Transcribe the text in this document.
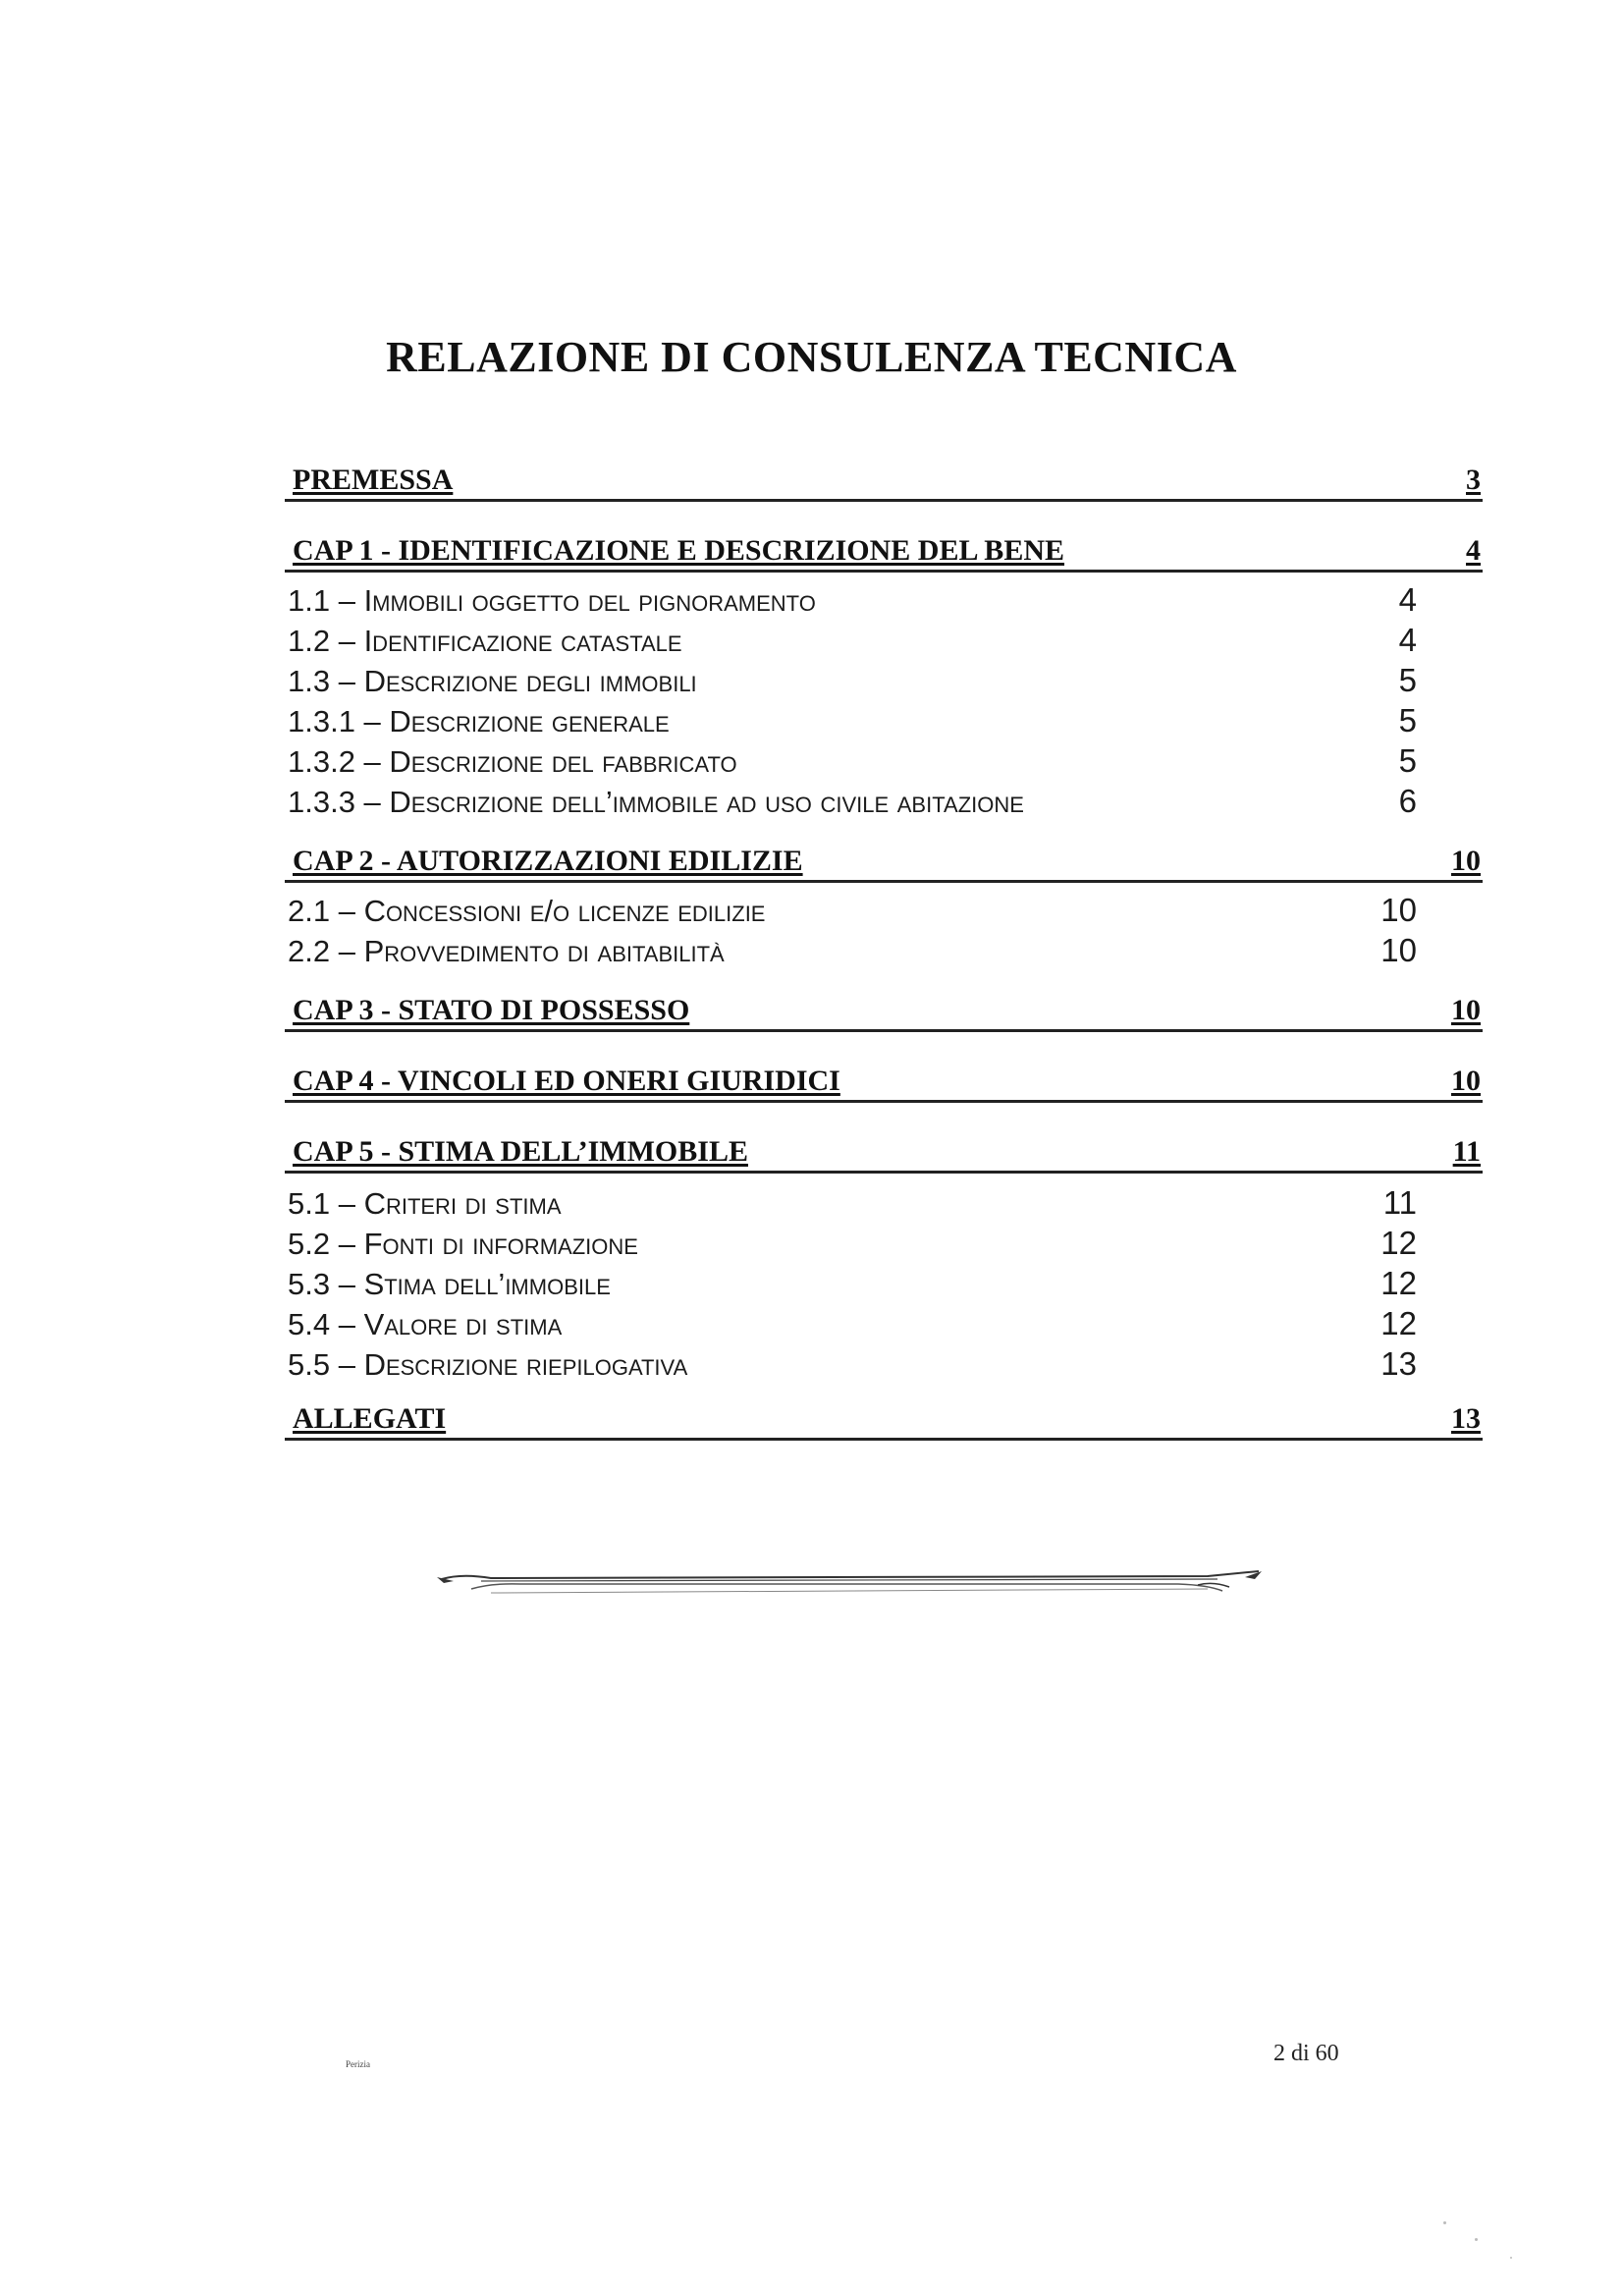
RELAZIONE DI CONSULENZA TECNICA
PREMESSA	3
CAP 1 - IDENTIFICAZIONE E DESCRIZIONE DEL BENE	4
1.1 – Immobili oggetto del pignoramento	4
1.2 – Identificazione catastale	4
1.3 – Descrizione degli immobili	5
1.3.1 – Descrizione generale	5
1.3.2 – Descrizione del fabbricato	5
1.3.3 – Descrizione dell’immobile ad uso civile abitazione	6
CAP 2 - AUTORIZZAZIONI EDILIZIE	10
2.1 – Concessioni e/o licenze edilizie	10
2.2 – Provvedimento di abitabilità	10
CAP 3 - STATO DI POSSESSO	10
CAP 4 - VINCOLI ED ONERI GIURIDICI	10
CAP 5 - STIMA DELL’IMMOBILE	11
5.1 – Criteri di stima	11
5.2 – Fonti di informazione	12
5.3 – Stima dell’immobile	12
5.4 – Valore di stima	12
5.5 – Descrizione riepilogativa	13
ALLEGATI	13
Perizia	2 di 60
